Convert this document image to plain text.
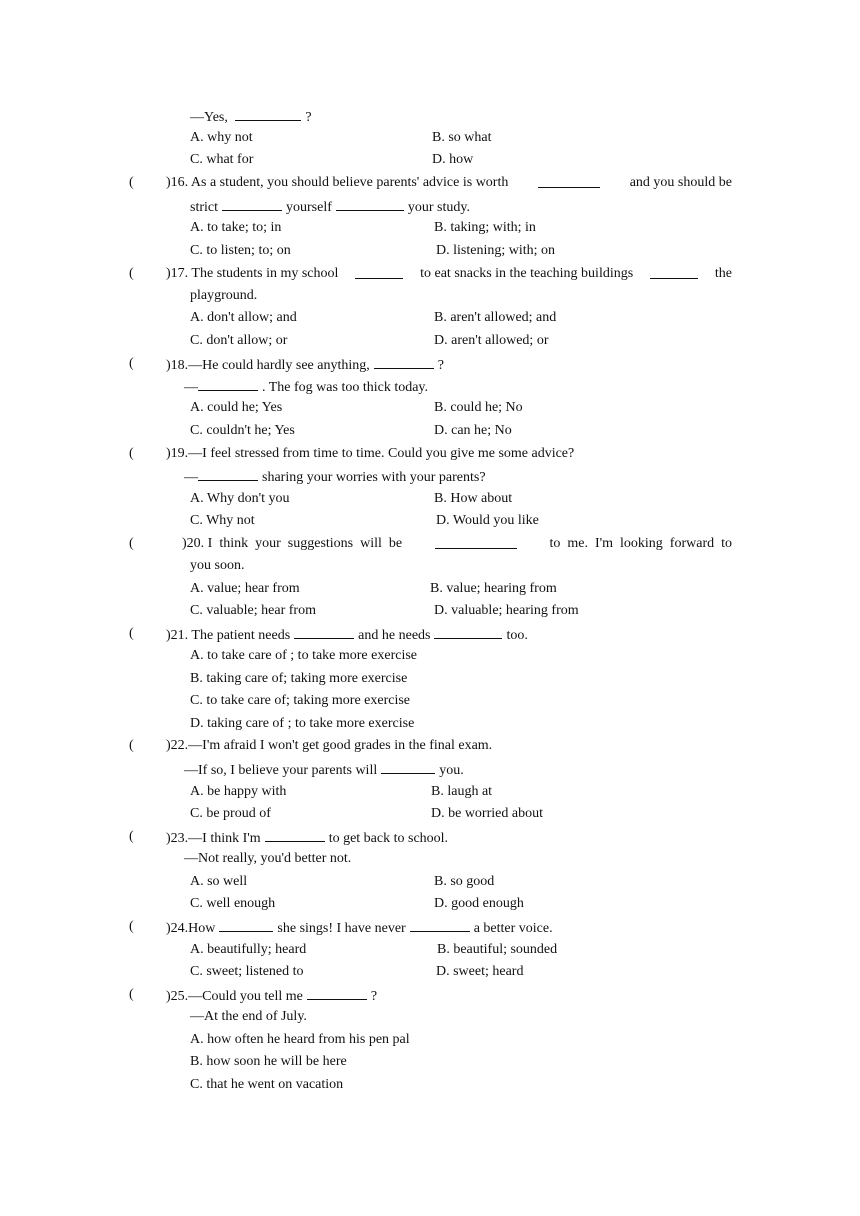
—Yes,	?
A. why not	B. so what
C. what for	D. how
( )16. As a student, you should believe parents' advice is worth	and you should be
strict	yourself	your study.
A. to take; to; in	B. taking; with; in
C. to listen; to; on	D. listening; with; on
( )17. The students in my school	to eat snacks in the teaching buildings	the
playground.
A. don't allow; and	B. aren't allowed; and
C. don't allow; or	D. aren't allowed; or
( )18.—He could hardly see anything,	?
—	. The fog was too thick today.
A. could he; Yes	B. could he; No
C. couldn't he; Yes	D. can he; No
( )19.—I feel stressed from time to time. Could you give me some advice?
—	sharing your worries with your parents?
A. Why don't you	B. How about
C. Why not	D. Would you like
(	)20. I  think  your  suggestions  will  be	to  me.  I'm  looking  forward  to
you soon.
A. value; hear from	B. value; hearing from
C. valuable; hear from	D. valuable; hearing from
( )21. The patient needs	and he needs	too.
A. to take care of ; to take more exercise
B. taking care of; taking more exercise
C. to take care of; taking more exercise
D. taking care of ; to take more exercise
( )22.—I'm afraid I won't get good grades in the final exam.
—If so, I believe your parents will	you.
A. be happy with	B. laugh at
C. be proud of	D. be worried about
( )23.—I think I'm	to get back to school.
—Not really, you'd better not.
A. so well	B. so good
C. well enough	D. good enough
( )24.How	she sings! I have never	a better voice.
A. beautifully; heard	B. beautiful; sounded
C. sweet; listened to	D. sweet; heard
( )25.—Could you tell me	?
—At the end of July.
A. how often he heard from his pen pal
B. how soon he will be here
C. that he went on vacation
